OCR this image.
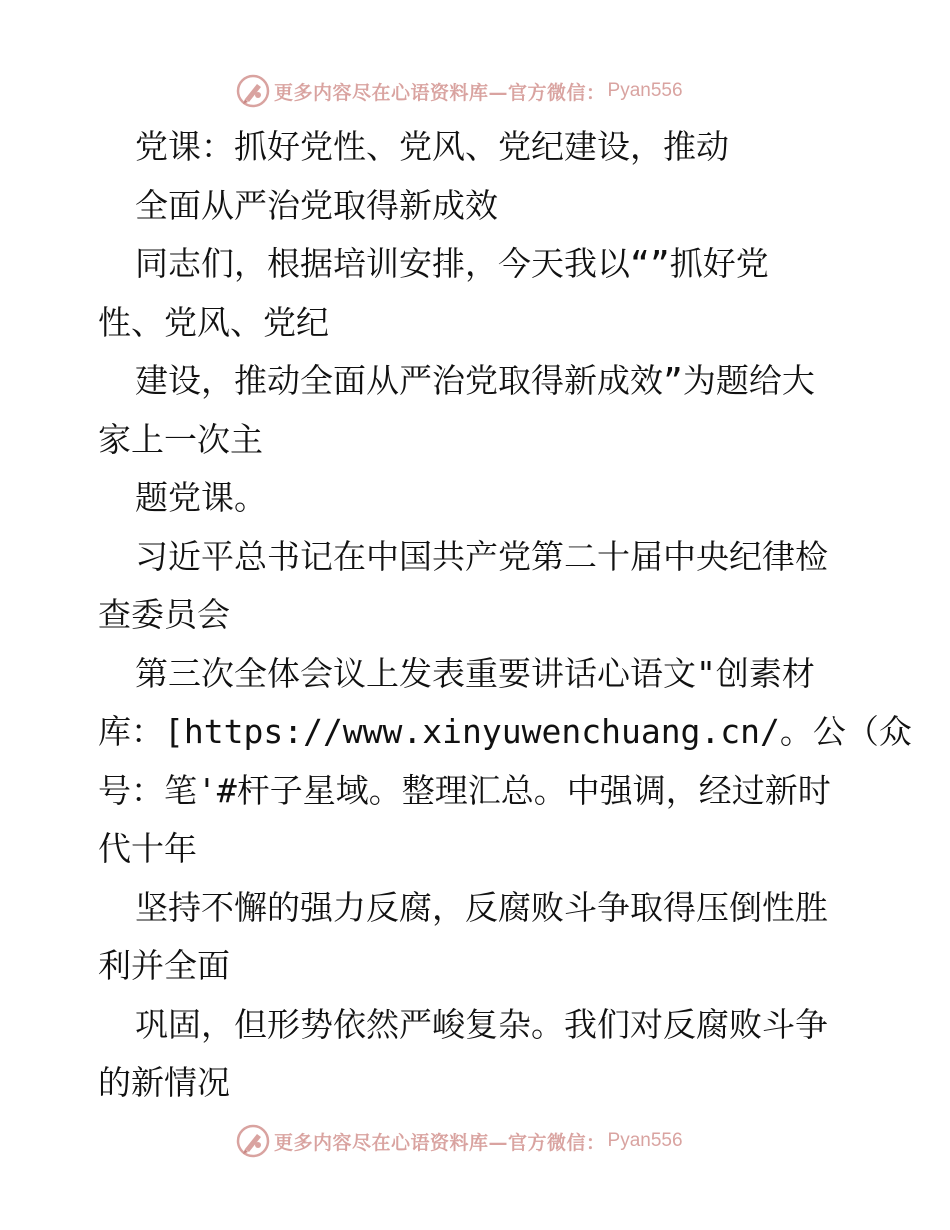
更多内容尽在心语资料库—官方微信： Pyan556
党课：抓好党性、党风、党纪建设，推动
全面从严治党取得新成效
同志们，根据培训安排，今天我以“”抓好党
性、党风、党纪
建设，推动全面从严治党取得新成效”为题给大
家上一次主
题党课。
习近平总书记在中国共产党第二十届中央纪律检
查委员会
第三次全体会议上发表重要讲话心语文"创素材
库：[https://www.xinyuwenchuang.cn/。公（众
号：笔'#杆子星域。整理汇总。中强调，经过新时
代十年
坚持不懈的强力反腐，反腐败斗争取得压倒性胜
利并全面
巩固，但形势依然严峻复杂。我们对反腐败斗争
的新情况
更多内容尽在心语资料库—官方微信： Pyan556
